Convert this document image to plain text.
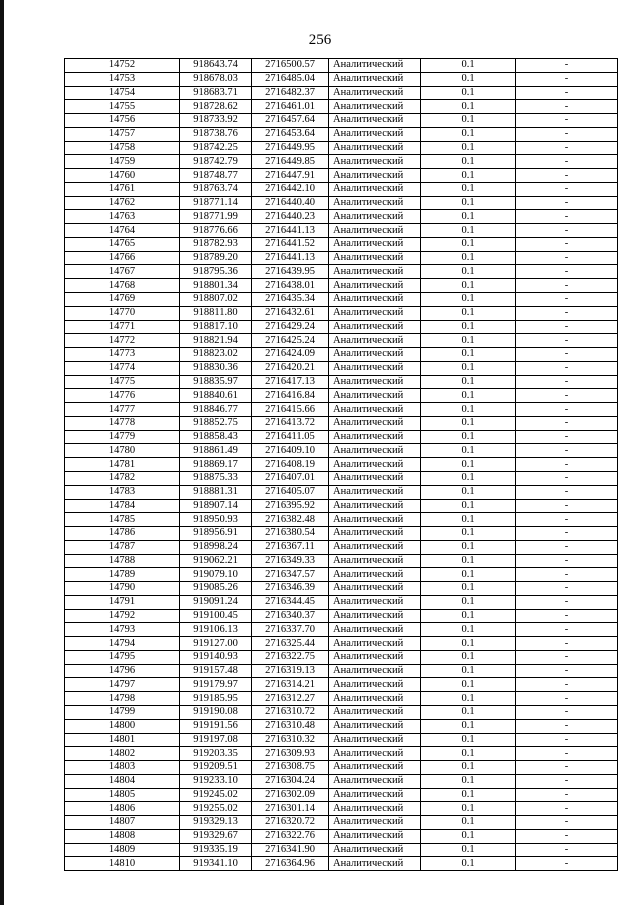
256
14752	918643.74	2716500.57	Аналитический	0.1	-
14753	918678.03	2716485.04	Аналитический	0.1	-
14754	918683.71	2716482.37	Аналитический	0.1	-
14755	918728.62	2716461.01	Аналитический	0.1	-
14756	918733.92	2716457.64	Аналитический	0.1	-
14757	918738.76	2716453.64	Аналитический	0.1	-
14758	918742.25	2716449.95	Аналитический	0.1	-
14759	918742.79	2716449.85	Аналитический	0.1	-
14760	918748.77	2716447.91	Аналитический	0.1	-
14761	918763.74	2716442.10	Аналитический	0.1	-
14762	918771.14	2716440.40	Аналитический	0.1	-
14763	918771.99	2716440.23	Аналитический	0.1	-
14764	918776.66	2716441.13	Аналитический	0.1	-
14765	918782.93	2716441.52	Аналитический	0.1	-
14766	918789.20	2716441.13	Аналитический	0.1	-
14767	918795.36	2716439.95	Аналитический	0.1	-
14768	918801.34	2716438.01	Аналитический	0.1	-
14769	918807.02	2716435.34	Аналитический	0.1	-
14770	918811.80	2716432.61	Аналитический	0.1	-
14771	918817.10	2716429.24	Аналитический	0.1	-
14772	918821.94	2716425.24	Аналитический	0.1	-
14773	918823.02	2716424.09	Аналитический	0.1	-
14774	918830.36	2716420.21	Аналитический	0.1	-
14775	918835.97	2716417.13	Аналитический	0.1	-
14776	918840.61	2716416.84	Аналитический	0.1	-
14777	918846.77	2716415.66	Аналитический	0.1	-
14778	918852.75	2716413.72	Аналитический	0.1	-
14779	918858.43	2716411.05	Аналитический	0.1	-
14780	918861.49	2716409.10	Аналитический	0.1	-
14781	918869.17	2716408.19	Аналитический	0.1	-
14782	918875.33	2716407.01	Аналитический	0.1	-
14783	918881.31	2716405.07	Аналитический	0.1	-
14784	918907.14	2716395.92	Аналитический	0.1	-
14785	918950.93	2716382.48	Аналитический	0.1	-
14786	918956.91	2716380.54	Аналитический	0.1	-
14787	918998.24	2716367.11	Аналитический	0.1	-
14788	919062.21	2716349.33	Аналитический	0.1	-
14789	919079.10	2716347.57	Аналитический	0.1	-
14790	919085.26	2716346.39	Аналитический	0.1	-
14791	919091.24	2716344.45	Аналитический	0.1	-
14792	919100.45	2716340.37	Аналитический	0.1	-
14793	919106.13	2716337.70	Аналитический	0.1	-
14794	919127.00	2716325.44	Аналитический	0.1	-
14795	919140.93	2716322.75	Аналитический	0.1	-
14796	919157.48	2716319.13	Аналитический	0.1	-
14797	919179.97	2716314.21	Аналитический	0.1	-
14798	919185.95	2716312.27	Аналитический	0.1	-
14799	919190.08	2716310.72	Аналитический	0.1	-
14800	919191.56	2716310.48	Аналитический	0.1	-
14801	919197.08	2716310.32	Аналитический	0.1	-
14802	919203.35	2716309.93	Аналитический	0.1	-
14803	919209.51	2716308.75	Аналитический	0.1	-
14804	919233.10	2716304.24	Аналитический	0.1	-
14805	919245.02	2716302.09	Аналитический	0.1	-
14806	919255.02	2716301.14	Аналитический	0.1	-
14807	919329.13	2716320.72	Аналитический	0.1	-
14808	919329.67	2716322.76	Аналитический	0.1	-
14809	919335.19	2716341.90	Аналитический	0.1	-
14810	919341.10	2716364.96	Аналитический	0.1	-
